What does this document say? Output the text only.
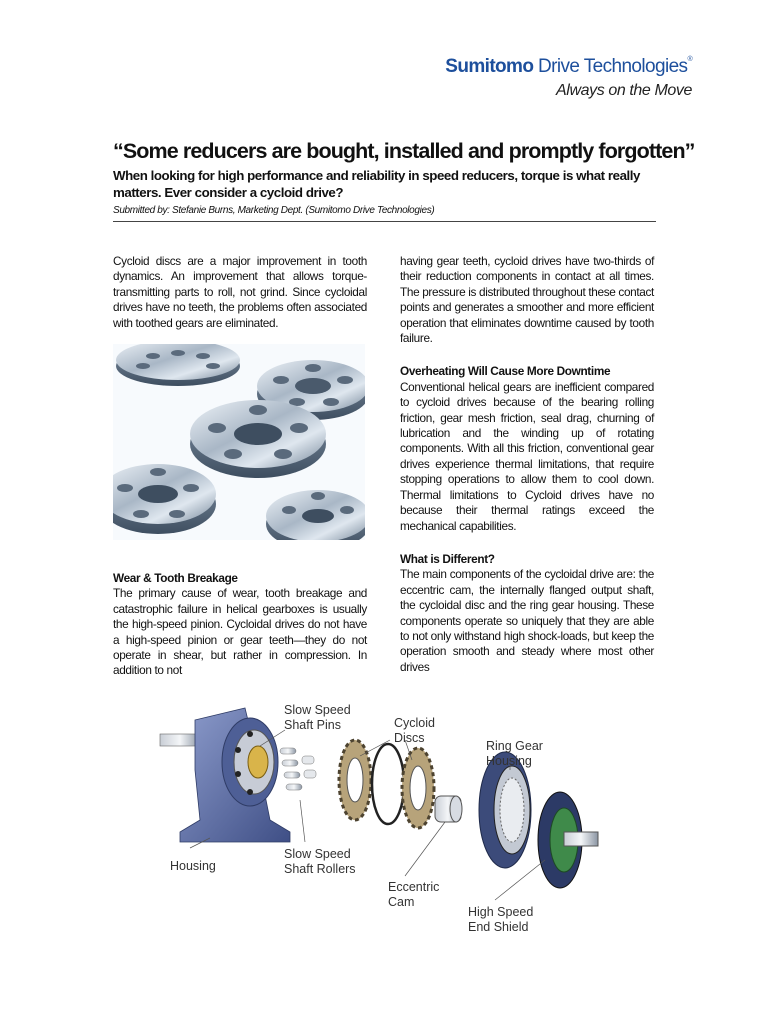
Sumitomo Drive Technologies®
Always on the Move
“Some reducers are bought, installed and promptly forgotten”
When looking for high performance and reliability in speed reducers, torque is what really matters. Ever consider a cycloid drive?
Submitted by: Stefanie Burns, Marketing Dept. (Sumitomo Drive Technologies)

Cycloid discs are a major improvement in tooth dynamics. An improvement that allows torque-transmitting parts to roll, not grind. Since cycloidal drives have no teeth, the problems often associated with toothed gears are eliminated.

Wear & Tooth Breakage

The primary cause of wear, tooth breakage and catastrophic failure in helical gearboxes is usually the high-speed pinion. Cycloidal drives do not have a high-speed pinion or gear teeth—they do not operate in shear, but rather in compression. In addition to not

having gear teeth, cycloid drives have two-thirds of their reduction components in contact at all times. The pressure is distributed throughout these contact points and generates a smoother and more efficient operation that eliminates downtime caused by tooth failure.

Overheating Will Cause More Downtime

Conventional helical gears are inefficient compared to cycloid drives because of the bearing rolling friction, gear mesh friction, seal drag, churning of lubrication and the winding up of rotating components. With all this friction, conventional gear drives experience thermal limitations, that require stopping operations to allow them to cool down. Thermal limitations to Cycloid drives have no because their thermal ratings exceed the mechanical capabilities.

What is Different?

The main components of the cycloidal drive are: the eccentric cam, the internally flanged output shaft, the cycloidal disc and the ring gear housing. These components operate so uniquely that they are able to not only withstand high shock-loads, but keep the operation smooth and steady where most other drives

Slow Speed
Shaft Pins	Cycloid
Discs
Ring Gear
Housing
Housing
Slow Speed
Shaft Rollers
Eccentric
Cam
High Speed
End Shield
